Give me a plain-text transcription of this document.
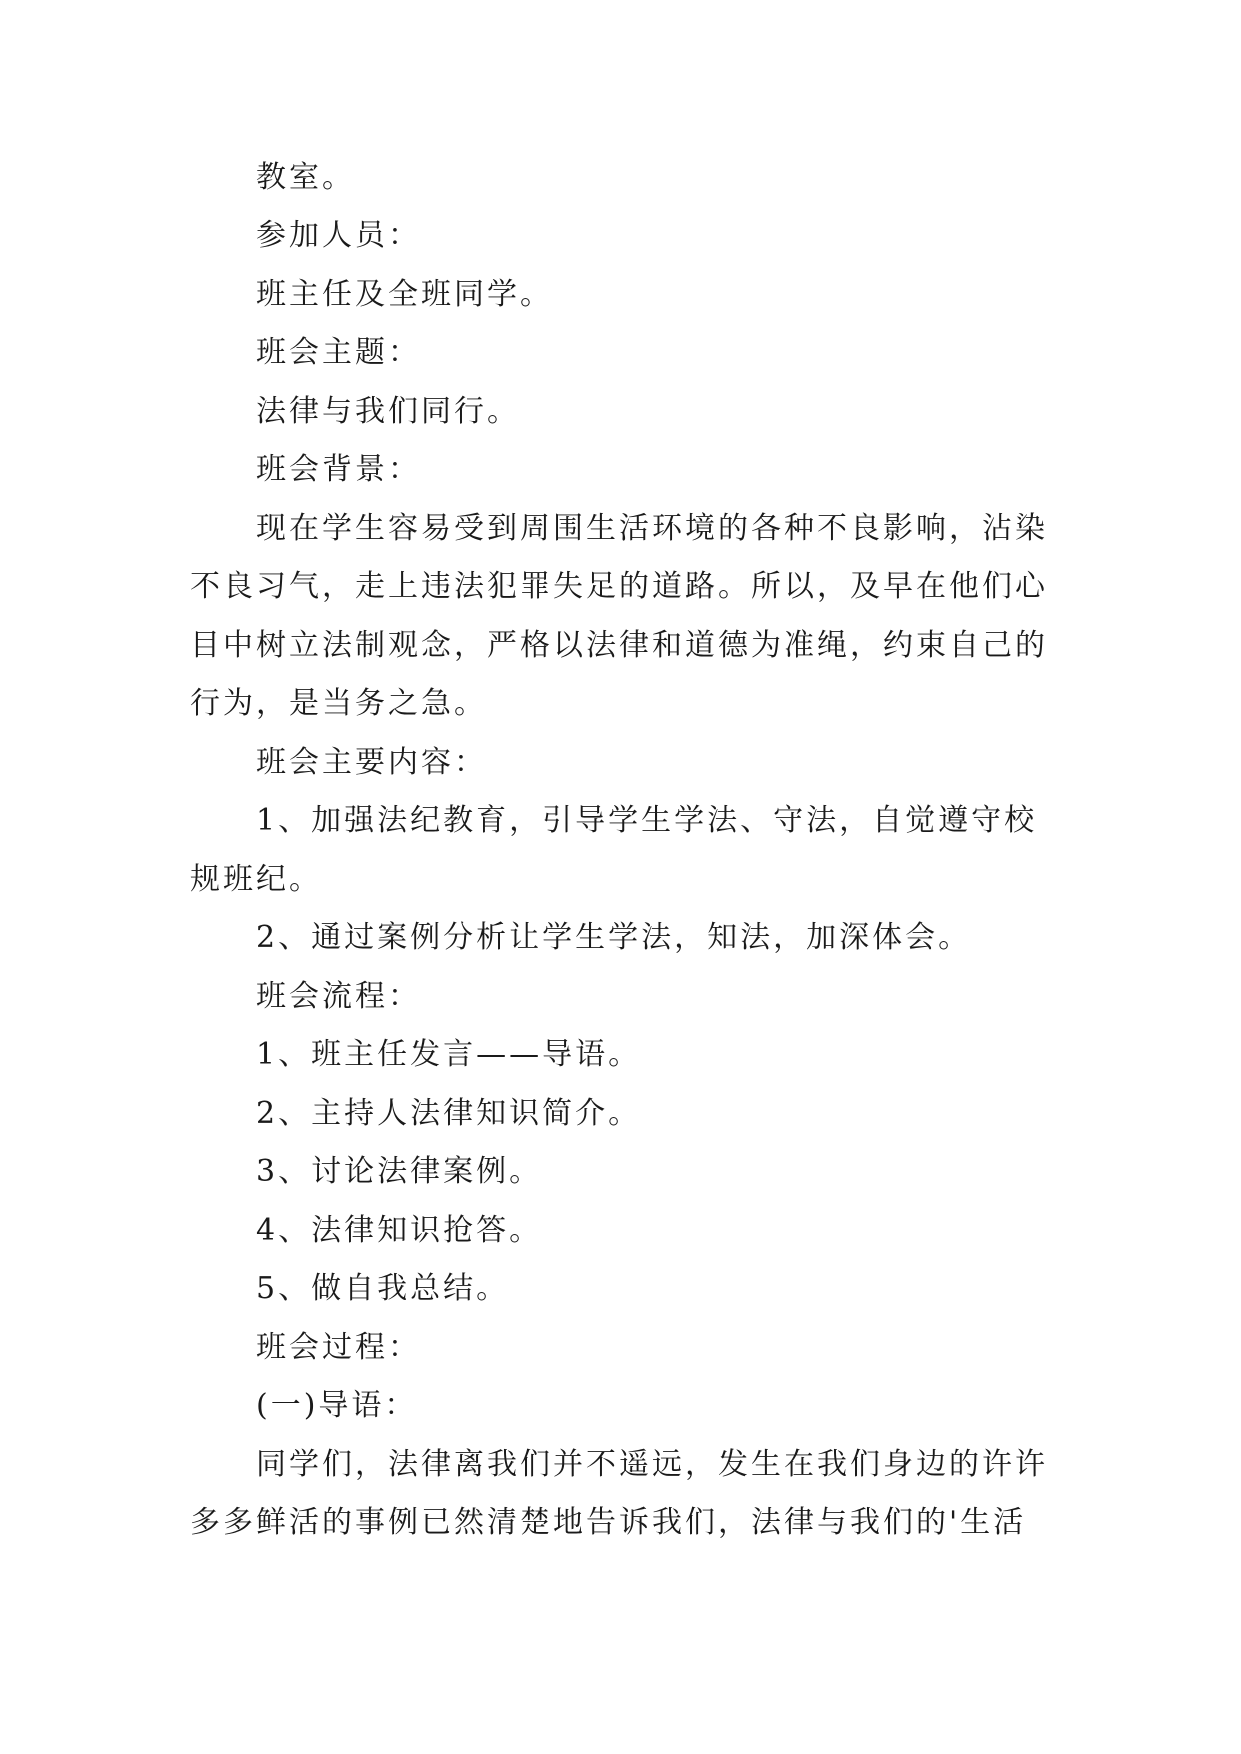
教室。
参加人员：
班主任及全班同学。
班会主题：
法律与我们同行。
班会背景：
现在学生容易受到周围生活环境的各种不良影响，沾染
不良习气，走上违法犯罪失足的道路。所以，及早在他们心
目中树立法制观念，严格以法律和道德为准绳，约束自己的
行为，是当务之急。
班会主要内容：
1、加强法纪教育，引导学生学法、守法，自觉遵守校
规班纪。
2、通过案例分析让学生学法，知法，加深体会。
班会流程：
1、班主任发言——导语。
2、主持人法律知识简介。
3、讨论法律案例。
4、法律知识抢答。
5、做自我总结。
班会过程：
(一)导语：
同学们，法律离我们并不遥远，发生在我们身边的许许
多多鲜活的事例已然清楚地告诉我们，法律与我们的'生活
